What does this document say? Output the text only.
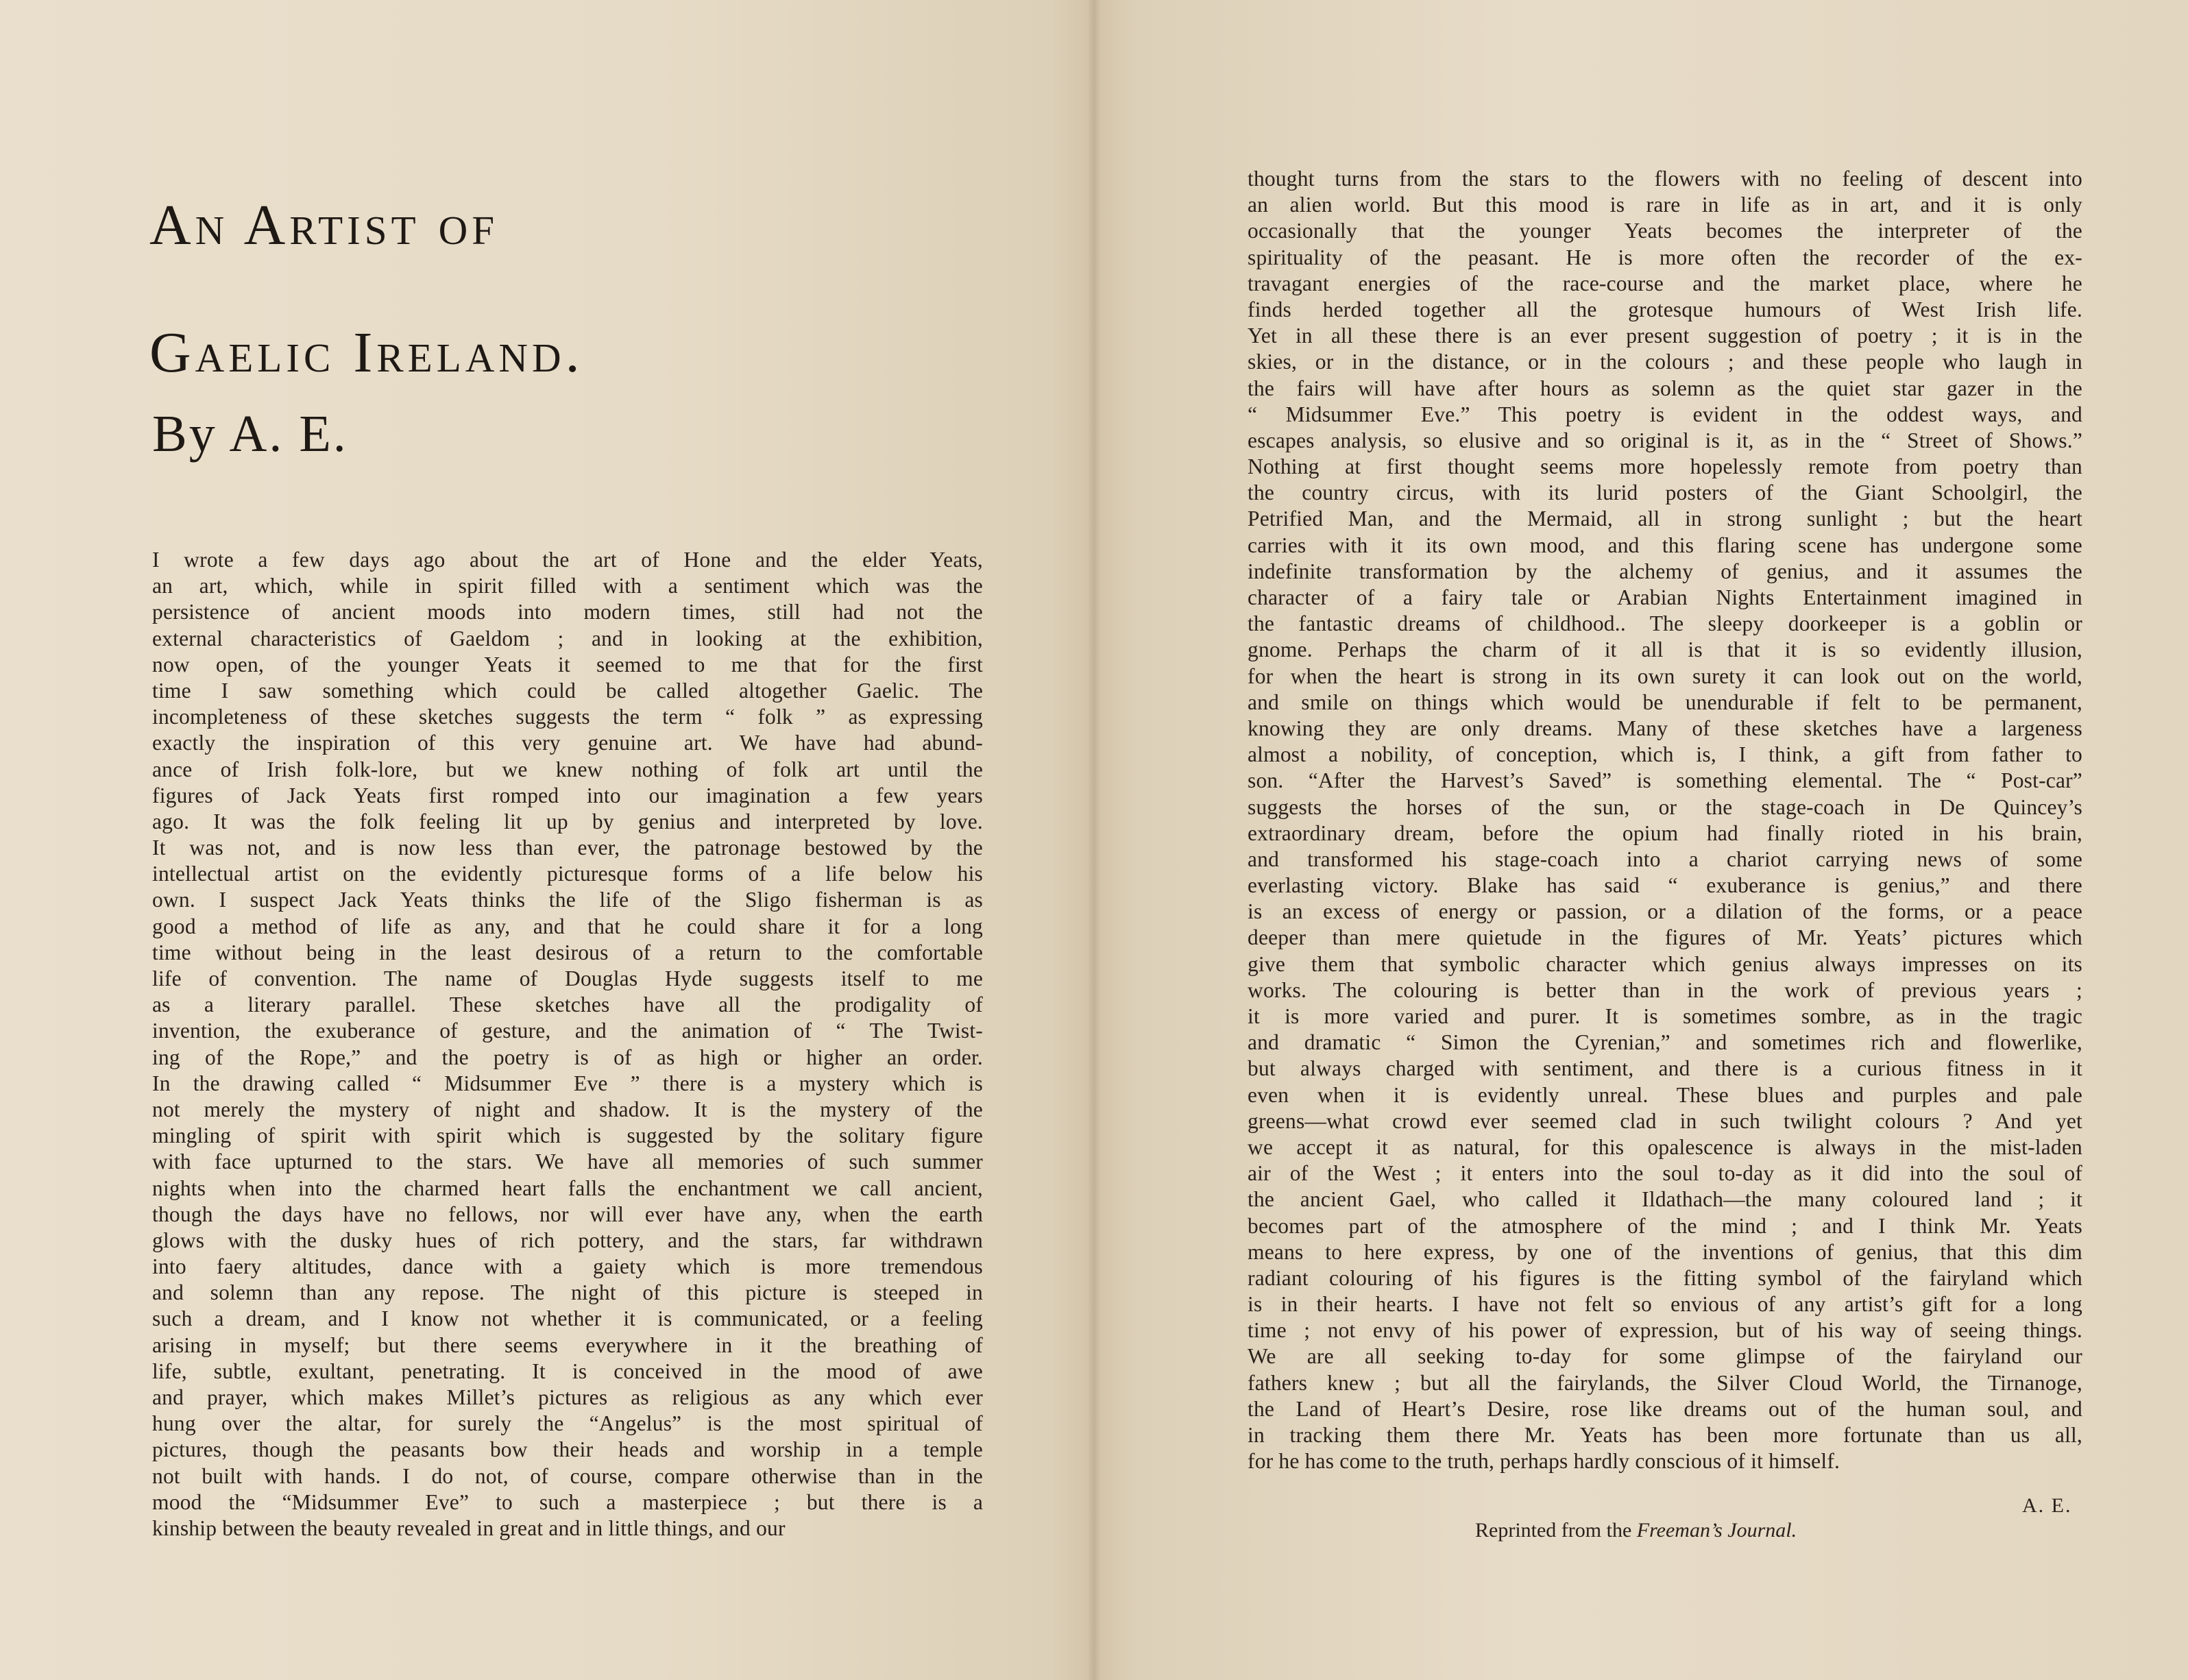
An Artist of
Gaelic Ireland.
By A. E.
I wrote a few days ago about the art of Hone and the elder Yeats,
an art, which, while in spirit filled with a sentiment which was the
persistence of ancient moods into modern times, still had not the
external characteristics of Gaeldom ; and in looking at the exhibition,
now open, of the younger Yeats it seemed to me that for the first
time I saw something which could be called altogether Gaelic. The
incompleteness of these sketches suggests the term “ folk ” as expressing
exactly the inspiration of this very genuine art. We have had abund-
ance of Irish folk-lore, but we knew nothing of folk art until the
figures of Jack Yeats first romped into our imagination a few years
ago. It was the folk feeling lit up by genius and interpreted by love.
It was not, and is now less than ever, the patronage bestowed by the
intellectual artist on the evidently picturesque forms of a life below his
own. I suspect Jack Yeats thinks the life of the Sligo fisherman is as
good a method of life as any, and that he could share it for a long
time without being in the least desirous of a return to the comfortable
life of convention. The name of Douglas Hyde suggests itself to me
as a literary parallel. These sketches have all the prodigality of
invention, the exuberance of gesture, and the animation of “ The Twist-
ing of the Rope,” and the poetry is of as high or higher an order.
In the drawing called “ Midsummer Eve ” there is a mystery which is
not merely the mystery of night and shadow. It is the mystery of the
mingling of spirit with spirit which is suggested by the solitary figure
with face upturned to the stars. We have all memories of such summer
nights when into the charmed heart falls the enchantment we call ancient,
though the days have no fellows, nor will ever have any, when the earth
glows with the dusky hues of rich pottery, and the stars, far withdrawn
into faery altitudes, dance with a gaiety which is more tremendous
and solemn than any repose. The night of this picture is steeped in
such a dream, and I know not whether it is communicated, or a feeling
arising in myself; but there seems everywhere in it the breathing of
life, subtle, exultant, penetrating. It is conceived in the mood of awe
and prayer, which makes Millet’s pictures as religious as any which ever
hung over the altar, for surely the “Angelus” is the most spiritual of
pictures, though the peasants bow their heads and worship in a temple
not built with hands. I do not, of course, compare otherwise than in the
mood the “Midsummer Eve” to such a masterpiece ; but there is a
kinship between the beauty revealed in great and in little things, and our
thought turns from the stars to the flowers with no feeling of descent into
an alien world. But this mood is rare in life as in art, and it is only
occasionally that the younger Yeats becomes the interpreter of the
spirituality of the peasant. He is more often the recorder of the ex-
travagant energies of the race-course and the market place, where he
finds herded together all the grotesque humours of West Irish life.
Yet in all these there is an ever present suggestion of poetry ; it is in the
skies, or in the distance, or in the colours ; and these people who laugh in
the fairs will have after hours as solemn as the quiet star gazer in the
“ Midsummer Eve.” This poetry is evident in the oddest ways, and
escapes analysis, so elusive and so original is it, as in the “ Street of Shows.”
Nothing at first thought seems more hopelessly remote from poetry than
the country circus, with its lurid posters of the Giant Schoolgirl, the
Petrified Man, and the Mermaid, all in strong sunlight ; but the heart
carries with it its own mood, and this flaring scene has undergone some
indefinite transformation by the alchemy of genius, and it assumes the
character of a fairy tale or Arabian Nights Entertainment imagined in
the fantastic dreams of childhood.. The sleepy doorkeeper is a goblin or
gnome. Perhaps the charm of it all is that it is so evidently illusion,
for when the heart is strong in its own surety it can look out on the world,
and smile on things which would be unendurable if felt to be permanent,
knowing they are only dreams. Many of these sketches have a largeness
almost a nobility, of conception, which is, I think, a gift from father to
son. “After the Harvest’s Saved” is something elemental. The “ Post-car”
suggests the horses of the sun, or the stage-coach in De Quincey’s
extraordinary dream, before the opium had finally rioted in his brain,
and transformed his stage-coach into a chariot carrying news of some
everlasting victory. Blake has said “ exuberance is genius,” and there
is an excess of energy or passion, or a dilation of the forms, or a peace
deeper than mere quietude in the figures of Mr. Yeats’ pictures which
give them that symbolic character which genius always impresses on its
works. The colouring is better than in the work of previous years ;
it is more varied and purer. It is sometimes sombre, as in the tragic
and dramatic “ Simon the Cyrenian,” and sometimes rich and flowerlike,
but always charged with sentiment, and there is a curious fitness in it
even when it is evidently unreal. These blues and purples and pale
greens—what crowd ever seemed clad in such twilight colours ? And yet
we accept it as natural, for this opalescence is always in the mist-laden
air of the West ; it enters into the soul to-day as it did into the soul of
the ancient Gael, who called it Ildathach—the many coloured land ; it
becomes part of the atmosphere of the mind ; and I think Mr. Yeats
means to here express, by one of the inventions of genius, that this dim
radiant colouring of his figures is the fitting symbol of the fairyland which
is in their hearts. I have not felt so envious of any artist’s gift for a long
time ; not envy of his power of expression, but of his way of seeing things.
We are all seeking to-day for some glimpse of the fairyland our
fathers knew ; but all the fairylands, the Silver Cloud World, the Tirnanoge,
the Land of Heart’s Desire, rose like dreams out of the human soul, and
in tracking them there Mr. Yeats has been more fortunate than us all,
for he has come to the truth, perhaps hardly conscious of it himself.

A. E.

Reprinted from the Freeman’s Journal.
